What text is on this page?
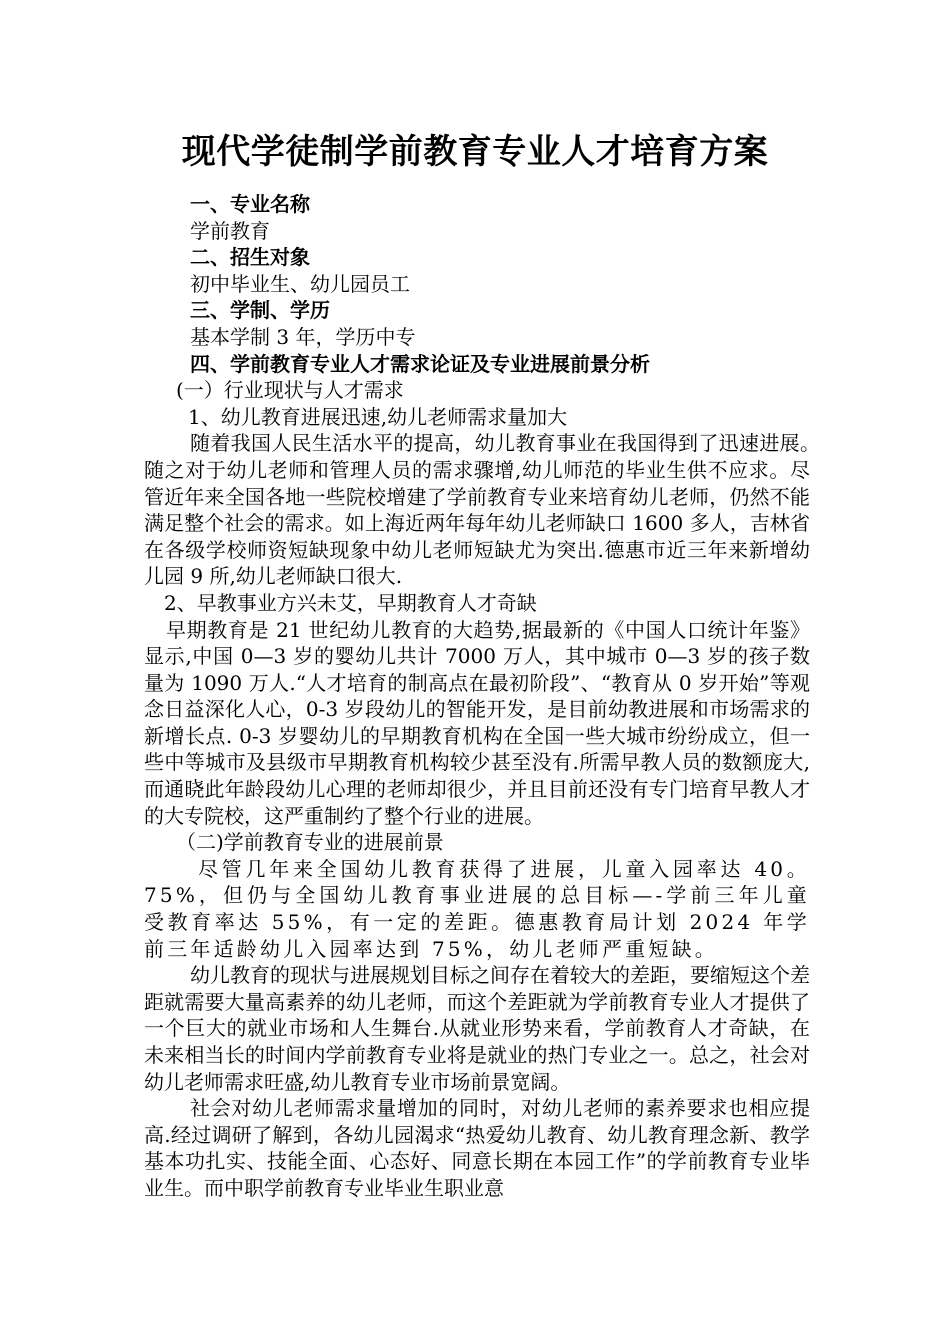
现代学徒制学前教育专业人才培育方案

一、专业名称

学前教育

二、招生对象

初中毕业生、幼儿园员工

三、学制、学历

基本学制 3 年，学历中专

四、学前教育专业人才需求论证及专业进展前景分析

(一）行业现状与人才需求

1、幼儿教育进展迅速,幼儿老师需求量加大

随着我国人民生活水平的提高，幼儿教育事业在我国得到了迅速进展。　随之对于幼儿老师和管理人员的需求骤增,幼儿师范的毕业生供不应求。尽管近年来全国各地一些院校增建了学前教育专业来培育幼儿老师，仍然不能满足整个社会的需求。如上海近两年每年幼儿老师缺口 1600 多人，吉林省在各级学校师资短缺现象中幼儿老师短缺尤为突出.德惠市近三年来新增幼儿园 9 所,幼儿老师缺口很大.

2、早教事业方兴未艾，早期教育人才奇缺

早期教育是 21 世纪幼儿教育的大趋势,据最新的《中国人口统计年鉴》显示,中国 0—3 岁的婴幼儿共计 7000 万人，其中城市 0—3 岁的孩子数量为 1090 万人.“人才培育的制高点在最初阶段”、“教育从 0 岁开始”等观念日益深化人心，0-3 岁段幼儿的智能开发，是目前幼教进展和市场需求的新增长点. 0-3 岁婴幼儿的早期教育机构在全国一些大城市纷纷成立，但一些中等城市及县级市早期教育机构较少甚至没有.所需早教人员的数额庞大,而通晓此年龄段幼儿心理的老师却很少，并且目前还没有专门培育早教人才的大专院校，这严重制约了整个行业的进展。

（二)学前教育专业的进展前景

尽管几年来全国幼儿教育获得了进展，儿童入园率达 40。75%，但仍与全国幼儿教育事业进展的总目标—-学前三年儿童受教育率达 55%，有一定的差距。德惠教育局计划 2024 年学前三年适龄幼儿入园率达到 75%，幼儿老师严重短缺。

幼儿教育的现状与进展规划目标之间存在着较大的差距，要缩短这个差距就需要大量高素养的幼儿老师，而这个差距就为学前教育专业人才提供了一个巨大的就业市场和人生舞台.从就业形势来看，学前教育人才奇缺，在未来相当长的时间内学前教育专业将是就业的热门专业之一。总之，社会对幼儿老师需求旺盛,幼儿教育专业市场前景宽阔。

社会对幼儿老师需求量增加的同时，对幼儿老师的素养要求也相应提高.经过调研了解到，各幼儿园渴求“热爱幼儿教育、幼儿教育理念新、教学基本功扎实、技能全面、心态好、同意长期在本园工作”的学前教育专业毕业生。而中职学前教育专业毕业生职业意
